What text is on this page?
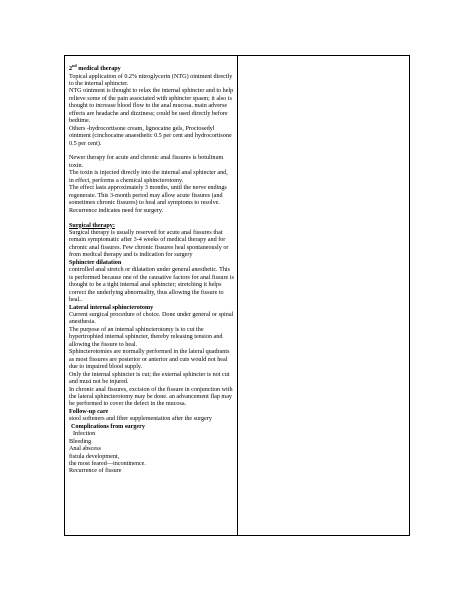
2nd medical therapy

Topical application of 0.2% nitroglycerin (NTG) ointment directly to the internal sphincter.

NTG ointment is thought to relax the internal sphincter and to help relieve some of the pain associated with sphincter spasm; it also is thought to increase blood flow to the anal mucosa. main adverse effects are headache and dizziness; could be used directly before bedtime.

Others -hydrocortisone cream, lignocaine gels, Proctosedyl ointment (cinchocaine anaesthetic 0.5 per cent and hydrocortisone 0.5 per cent).

Newer therapy for acute and chronic anal fissures is botulinum toxin.

The toxin is injected directly into the internal anal sphincter and, in effect, performs a chemical sphincterotomy.

The effect lasts approximately 3 months, until the nerve endings regenerate. This 3-month period may allow acute fissures (and sometimes chronic fissures) to heal and symptoms to resolve. Recurrence indicates need for surgery.

Surgical therapy:

Surgical therapy is usually reserved for acute anal fissures that remain symptomatic after 3-4 weeks of medical therapy and for chronic anal fissures. Few chronic fissures heal spontaneously or from medical therapy and is indication for surgery

Sphincter dilatation

controlled anal stretch or dilatation under general anesthetic. This is performed because one of the causative factors for anal fissure is thought to be a tight internal anal sphincter; stretching it helps correct the underlying abnormality, thus allowing the fissure to heal..

Lateral internal sphincterotomy

Current surgical procedure of choice. Done under general or spinal anesthesia.

The purpose of an internal sphincterotomy is to cut the hypertrophied internal sphincter, thereby releasing tension and allowing the fissure to heal.

Sphincterotomies are normally performed in the lateral quadrants as most fissures are posterior or anterior and cuts would not heal due to impaired blood supply.

Only the internal sphincter is cut; the external sphincter is not cut and must not be injured.

In chronic anal fissures, excision of the fissure in conjunction with the lateral sphincterotomy may be done. an advancement flap may be performed to cover the defect in the mucosa.

Follow-up care

stool softeners and fiber supplementation after the surgery

Complications from surgery

Infection

Bleeding

Anal abscess

fistula development,

the most feared—incontinence.

Recurrence of fissure
